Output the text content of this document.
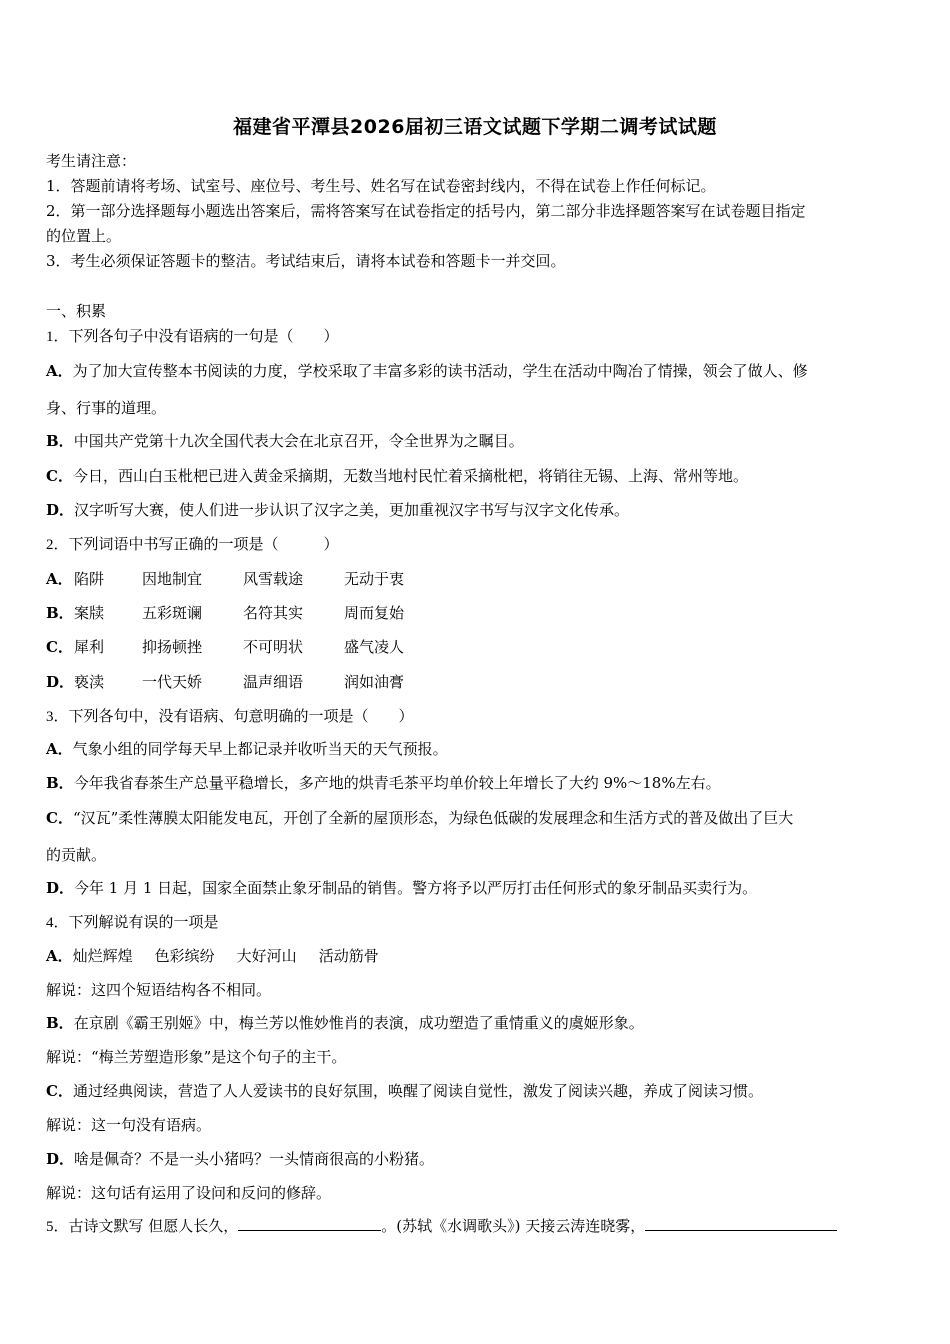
福建省平潭县2026届初三语文试题下学期二调考试试题
考生请注意：
1．答题前请将考场、试室号、座位号、考生号、姓名写在试卷密封线内，不得在试卷上作任何标记。
2．第一部分选择题每小题选出答案后，需将答案写在试卷指定的括号内，第二部分非选择题答案写在试卷题目指定
的位置上。
3．考生必须保证答题卡的整洁。考试结束后，请将本试卷和答题卡一并交回。
一、积累
1．下列各句子中没有语病的一句是（　　）
A．为了加大宣传整本书阅读的力度，学校采取了丰富多彩的读书活动，学生在活动中陶冶了情操，领会了做人、修
身、行事的道理。
B．中国共产党第十九次全国代表大会在北京召开，令全世界为之瞩目。
C．今日，西山白玉枇杷已进入黄金采摘期，无数当地村民忙着采摘枇杷，将销往无锡、上海、常州等地。
D．汉字听写大赛，使人们进一步认识了汉字之美，更加重视汉字书写与汉字文化传承。
2．下列词语中书写正确的一项是（　　　）
A．陷阱	因地制宜	风雪载途	无动于衷
B．案牍	五彩斑谰	名符其实	周而复始
C．犀利	抑扬顿挫	不可明状	盛气凌人
D．亵渎	一代天娇	温声细语	润如油膏
3．下列各句中，没有语病、句意明确的一项是（　　）
A．气象小组的同学每天早上都记录并收听当天的天气预报。
B．今年我省春茶生产总量平稳增长，多产地的烘青毛茶平均单价较上年增长了大约 9%～18%左右。
C．“汉瓦”柔性薄膜太阳能发电瓦，开创了全新的屋顶形态，为绿色低碳的发展理念和生活方式的普及做出了巨大
的贡献。
D．今年 1 月 1 日起，国家全面禁止象牙制品的销售。警方将予以严厉打击任何形式的象牙制品买卖行为。
4．下列解说有误的一项是
A．灿烂辉煌 色彩缤纷 大好河山 活动筋骨
解说：这四个短语结构各不相同。
B．在京剧《霸王别姬》中，梅兰芳以惟妙惟肖的表演，成功塑造了重情重义的虞姬形象。
解说：“梅兰芳塑造形象”是这个句子的主干。
C．通过经典阅读，营造了人人爱读书的良好氛围，唤醒了阅读自觉性，激发了阅读兴趣，养成了阅读习惯。
解说：这一句没有语病。
D．啥是佩奇？不是一头小猪吗？一头情商很高的小粉猪。
解说：这句话有运用了设问和反问的修辞。
5．古诗文默写 但愿人长久，	。(苏轼《水调歌头》) 天接云涛连晓雾，
